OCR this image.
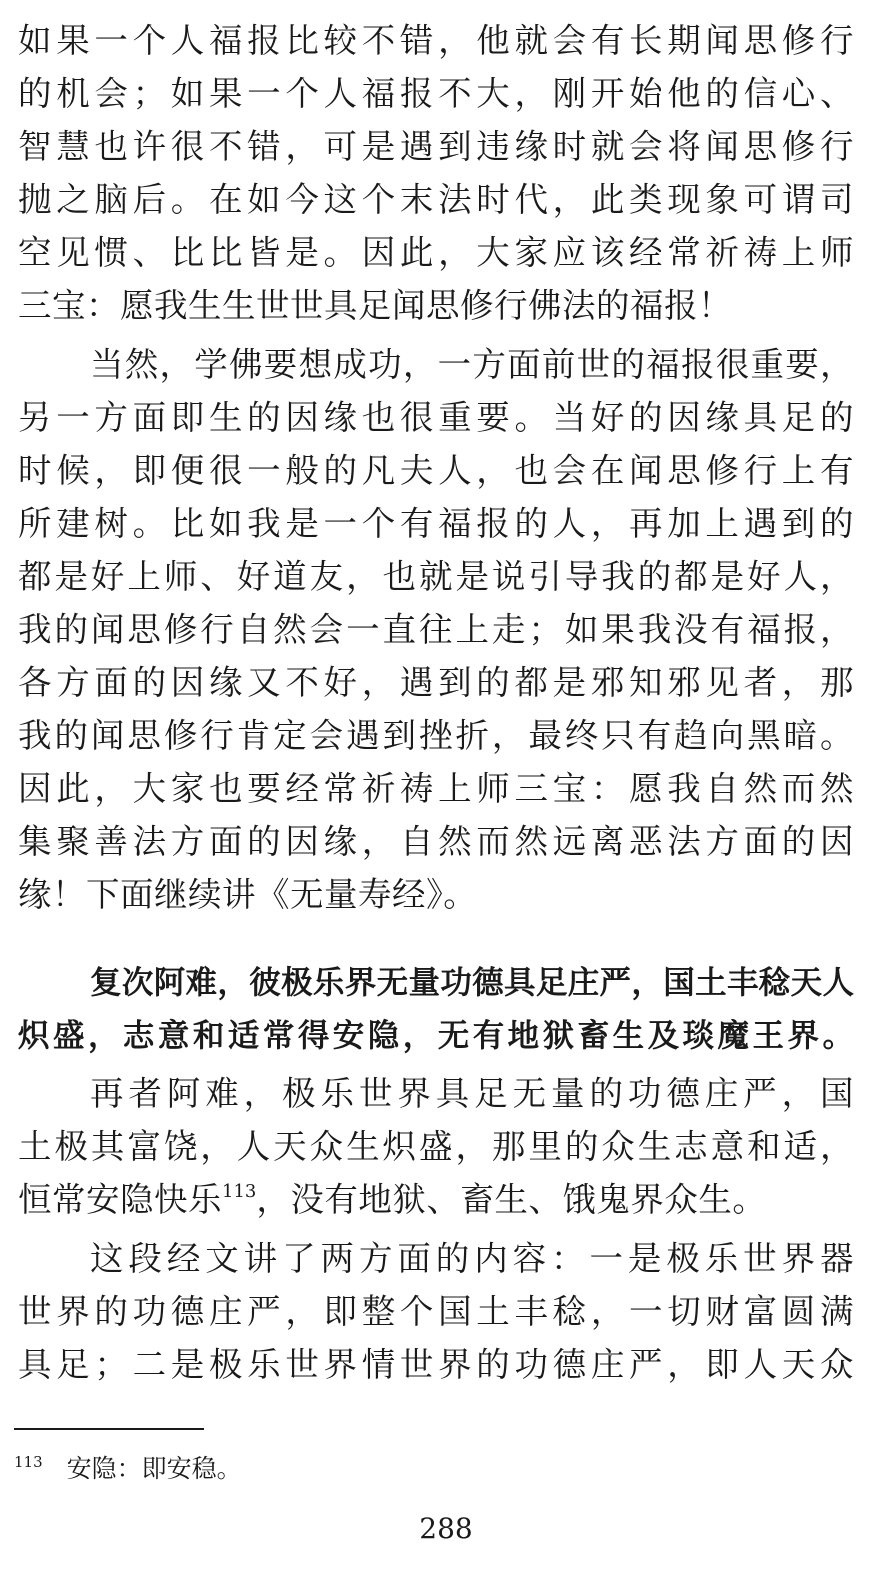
如果一个人福报比较不错，他就会有长期闻思修行
的机会；如果一个人福报不大，刚开始他的信心、
智慧也许很不错，可是遇到违缘时就会将闻思修行
抛之脑后。在如今这个末法时代，此类现象可谓司
空见惯、比比皆是。因此，大家应该经常祈祷上师
三宝：愿我生生世世具足闻思修行佛法的福报！
当然，学佛要想成功，一方面前世的福报很重要，
另一方面即生的因缘也很重要。当好的因缘具足的
时候，即便很一般的凡夫人，也会在闻思修行上有
所建树。比如我是一个有福报的人，再加上遇到的
都是好上师、好道友，也就是说引导我的都是好人，
我的闻思修行自然会一直往上走；如果我没有福报，
各方面的因缘又不好，遇到的都是邪知邪见者，那
我的闻思修行肯定会遇到挫折，最终只有趋向黑暗。
因此，大家也要经常祈祷上师三宝：愿我自然而然
集聚善法方面的因缘，自然而然远离恶法方面的因
缘！下面继续讲《无量寿经》。
复次阿难，彼极乐界无量功德具足庄严，国土丰稔天人
炽盛，志意和适常得安隐，无有地狱畜生及琰魔王界。
再者阿难，极乐世界具足无量的功德庄严，国
土极其富饶，人天众生炽盛，那里的众生志意和适，
恒常安隐快乐$^{113}$，没有地狱、畜生、饿鬼界众生。
这段经文讲了两方面的内容：一是极乐世界器
世界的功德庄严，即整个国土丰稔，一切财富圆满
具足；二是极乐世界情世界的功德庄严，即人天众
$^{113}$ 安隐：即安稳。
288
